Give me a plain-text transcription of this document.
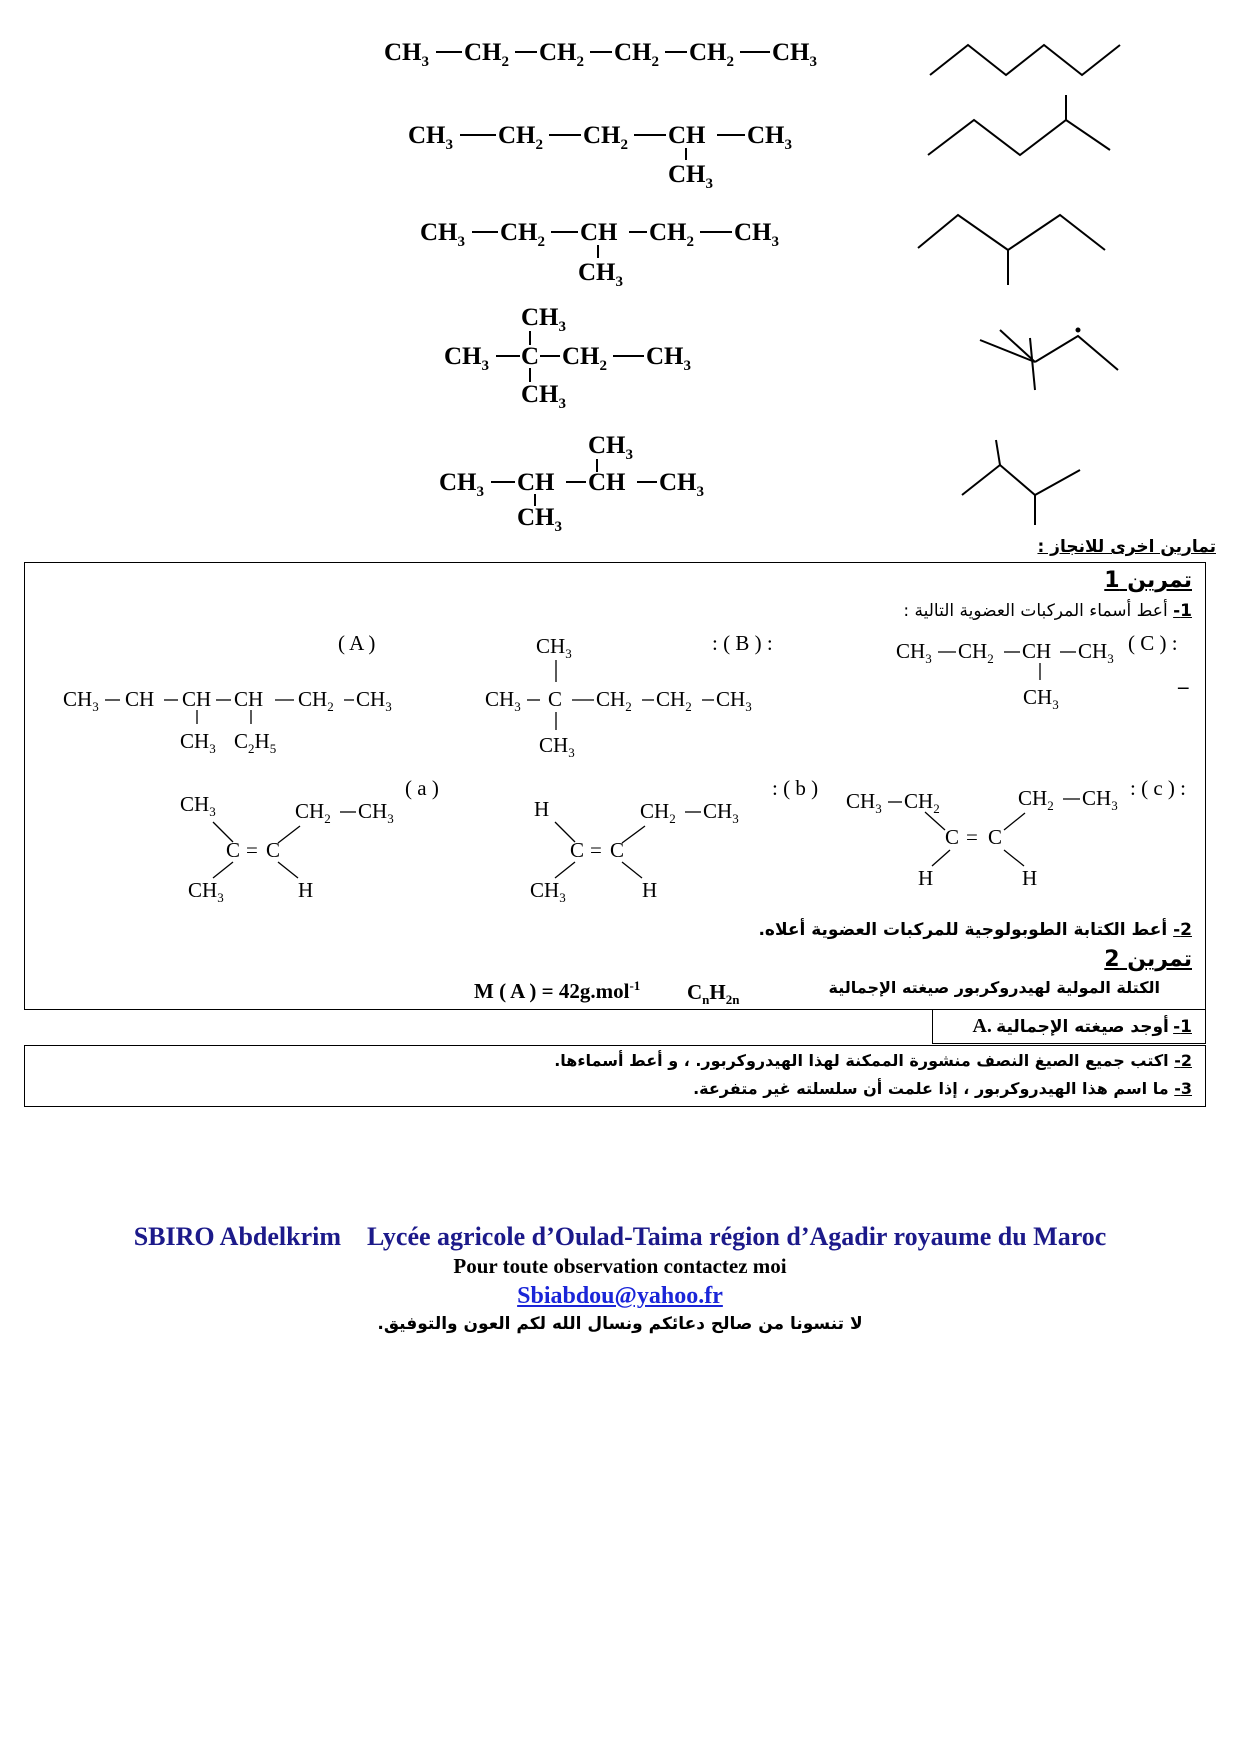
$CH_3$ $CH_2$ $CH_2$ $CH_2$ $CH_2$ $CH_3$
$CH_3$ $CH_2$ $CH_2$ CH $CH_3$
$CH_3$
$CH_3$ $CH_2$ CH $CH_2$ $CH_3$
$CH_3$
$CH_3$
$CH_3$ C $CH_2$ $CH_3$
$CH_3$
$CH_3$
$CH_3$ CH CH $CH_3$
$CH_3$
تمارين اخرى للانجاز :
تمرين 1
1- أعط أسماء المركبات العضوية التالية :
( A )	: ( B ) :	( C ) :
–
( a )	: ( b )	: ( c ) :
$CH_3$ CH CH CH $CH_2$ $CH_3$
$CH_3$ $C_2H_5$
$CH_3$
$CH_3$ C $CH_2$ $CH_2$ $CH_3$
$CH_3$
$CH_3$ $CH_2$ CH $CH_3$
$CH_3$
$CH_3$	$CH_2$ $CH_3$
C = C
$CH_3$	H
H	$CH_2$ $CH_3$
C = C
$CH_3$	H
$CH_3$ $CH_2$	$CH_2$ $CH_3$
C = C
H	H
2- أعط الكتابة الطوبولوجية للمركبات العضوية أعلاه.
تمرين 2
الكتلة المولية لهيدروكربور صيغته الإجمالية
$C_nH_{2n}$
M ( A ) = 42g.mol$^{-1}$
1- أوجد صيغته الإجمالية A.
2- اكتب جميع الصيغ النصف منشورة الممكنة لهذا الهيدروكربور. ، و أعط أسماءها.
3- ما اسم هذا الهيدروكربور ، إذا علمت أن سلسلته غير متفرعة.
SBIRO Abdelkrim Lycée agricole d’Oulad-Taima région d’Agadir royaume du Maroc
Pour toute observation contactez moi
Sbiabdou@yahoo.fr
لا تنسونا من صالح دعائكم ونسال الله لكم العون والتوفيق.
